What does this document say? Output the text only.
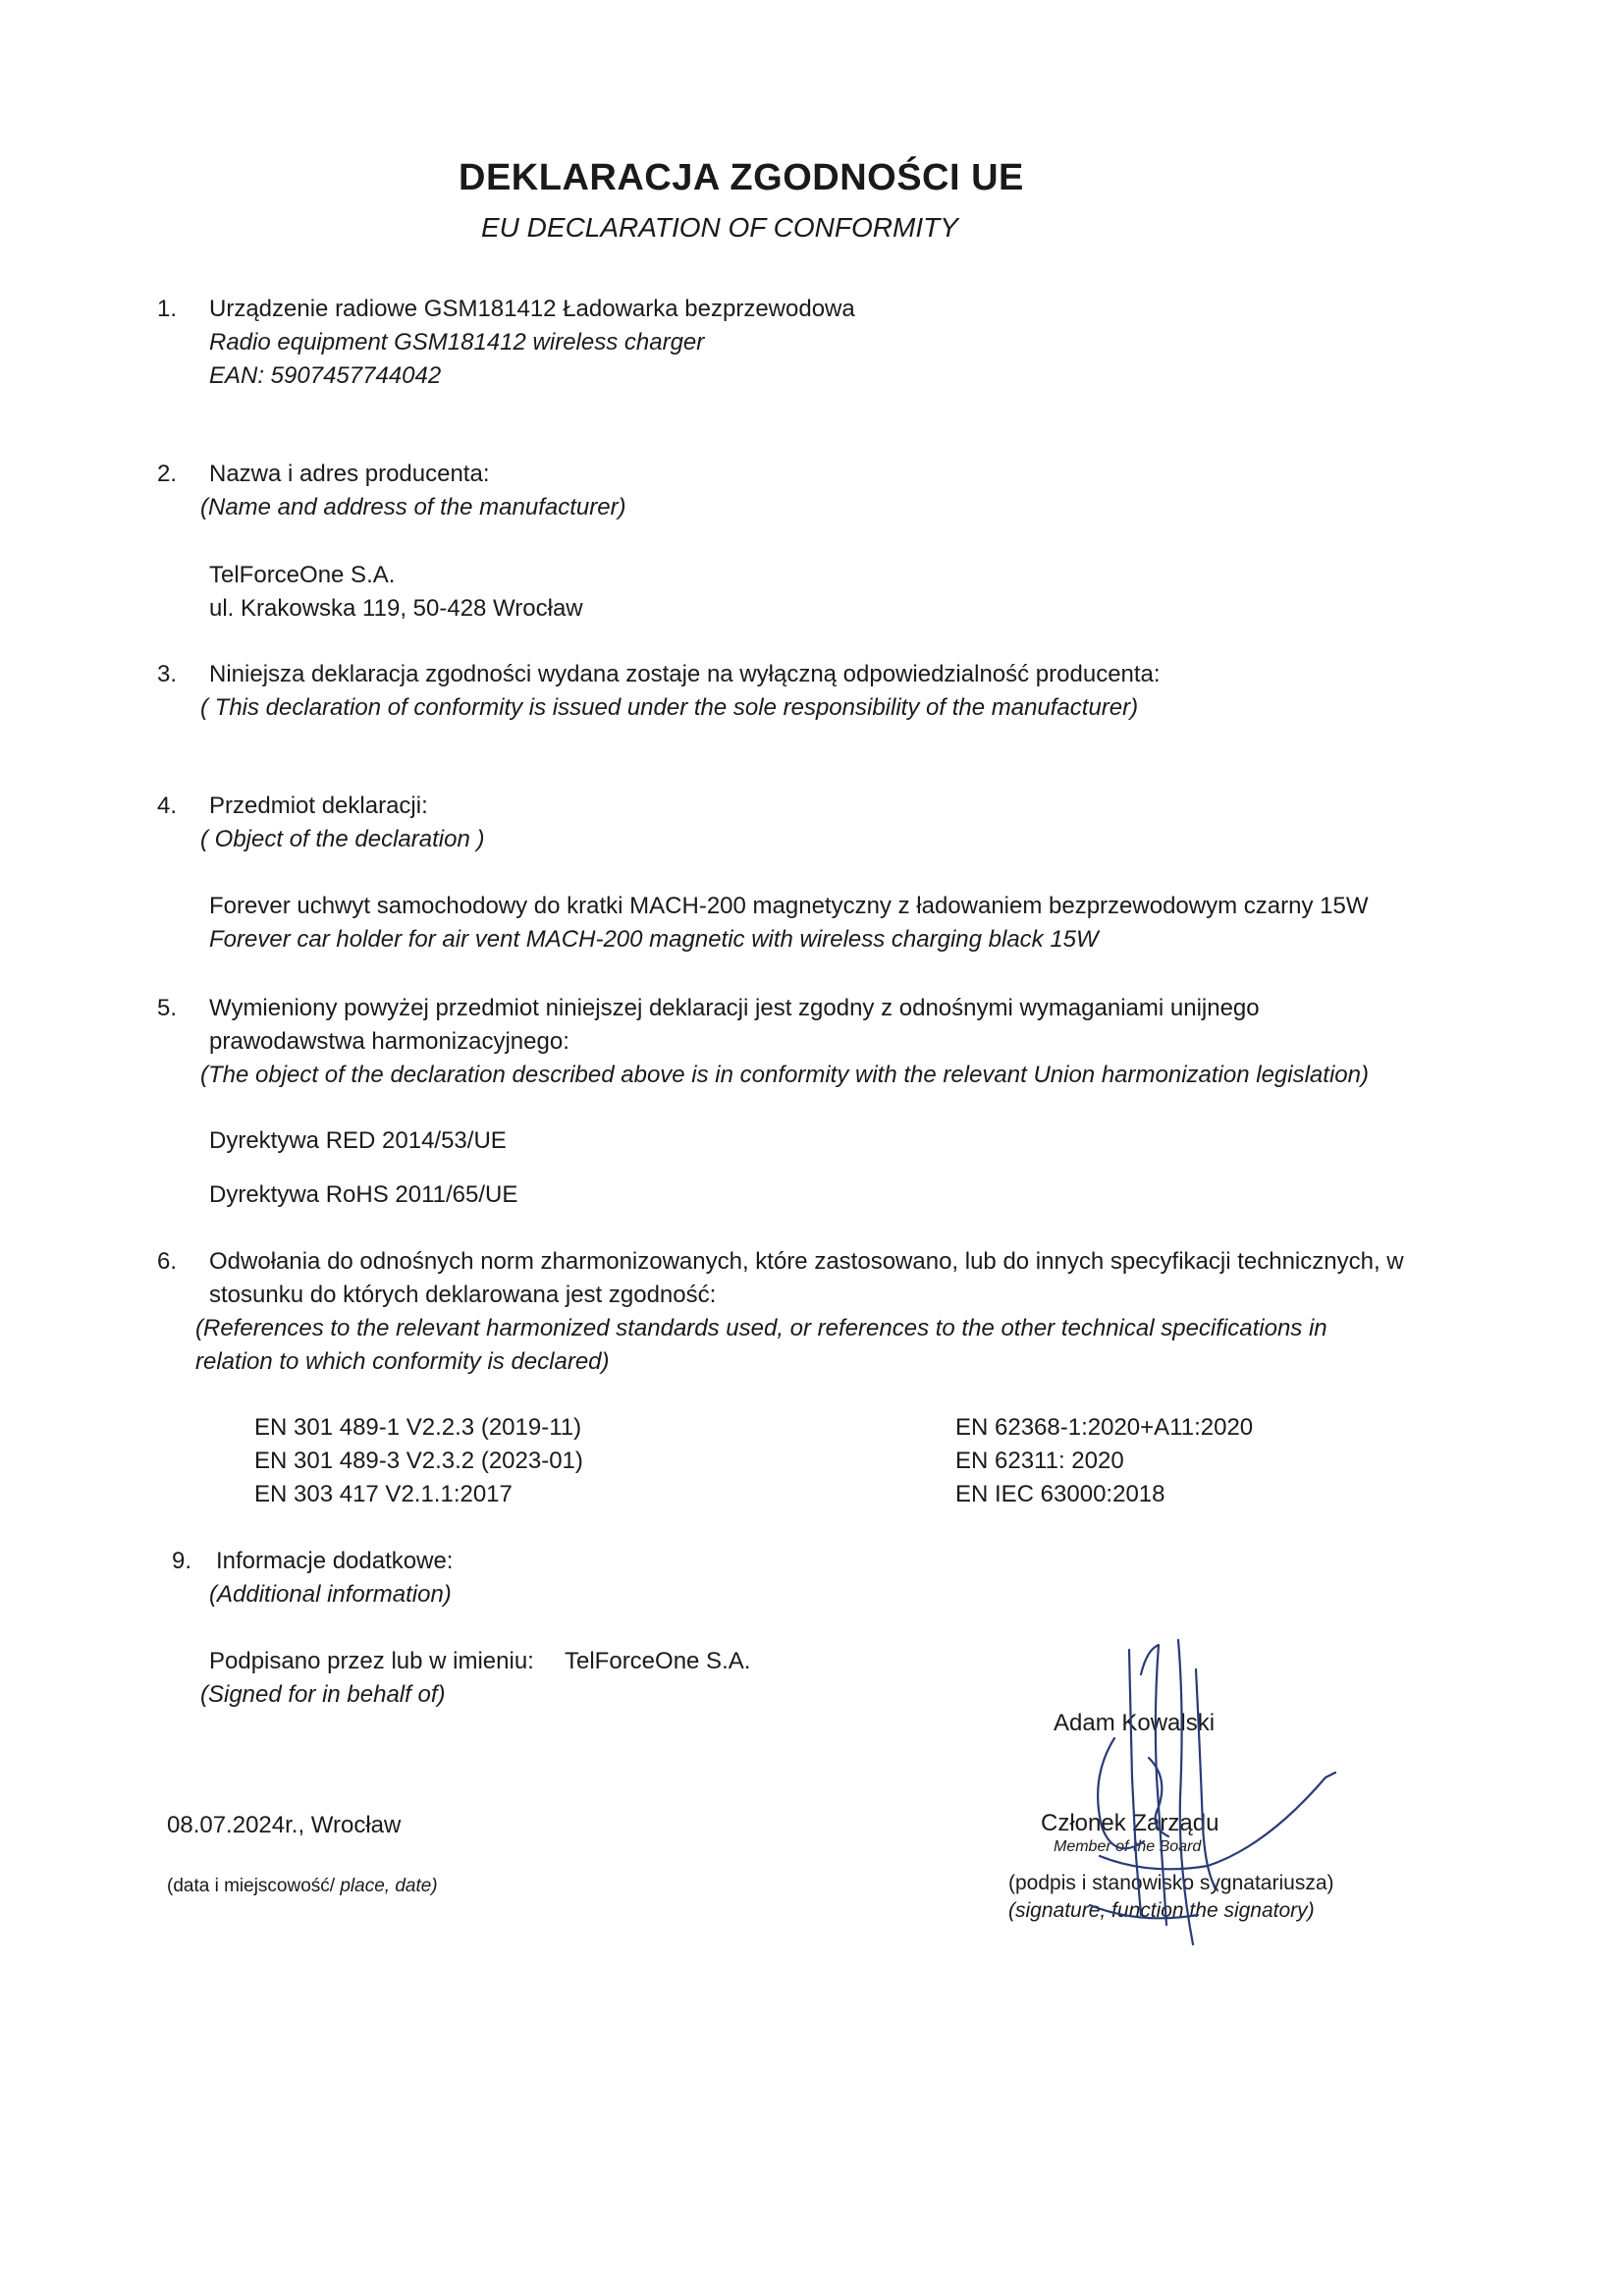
DEKLARACJA ZGODNOŚCI UE
EU DECLARATION OF CONFORMITY
1. Urządzenie radiowe GSM181412 Ładowarka bezprzewodowa
Radio equipment GSM181412 wireless charger
EAN: 5907457744042
2. Nazwa i adres producenta:
(Name and address of the manufacturer)
TelForceOne S.A.
ul. Krakowska 119, 50-428 Wrocław
3. Niniejsza deklaracja zgodności wydana zostaje na wyłączną odpowiedzialność producenta:
( This declaration of conformity is issued under the sole responsibility of the manufacturer)
4. Przedmiot deklaracji:
( Object of the declaration )
Forever uchwyt samochodowy do kratki MACH-200 magnetyczny z ładowaniem bezprzewodowym czarny 15W
Forever car holder for air vent MACH-200 magnetic with wireless charging black 15W
5. Wymieniony powyżej przedmiot niniejszej deklaracji jest zgodny z odnośnymi wymaganiami unijnego
prawodawstwa harmonizacyjnego:
(The object of the declaration described above is in conformity with the relevant Union harmonization legislation)
Dyrektywa RED 2014/53/UE
Dyrektywa RoHS 2011/65/UE
6. Odwołania do odnośnych norm zharmonizowanych, które zastosowano, lub do innych specyfikacji technicznych, w
stosunku do których deklarowana jest zgodność:
(References to the relevant harmonized standards used, or references to the other technical specifications in
relation to which conformity is declared)
EN 301 489-1 V2.2.3 (2019-11)
EN 301 489-3 V2.3.2 (2023-01)
EN 303 417 V2.1.1:2017
EN 62368-1:2020+A11:2020
EN 62311: 2020
EN IEC 63000:2018
9. Informacje dodatkowe:
(Additional information)
Podpisano przez lub w imieniu: TelForceOne S.A.
(Signed for in behalf of)
08.07.2024r., Wrocław
(data i miejscowość/ place, date)
Adam Kowalski
Członek Zarządu
Member of the Board
(podpis i stanowisko sygnatariusza)
(signature, function the signatory)
